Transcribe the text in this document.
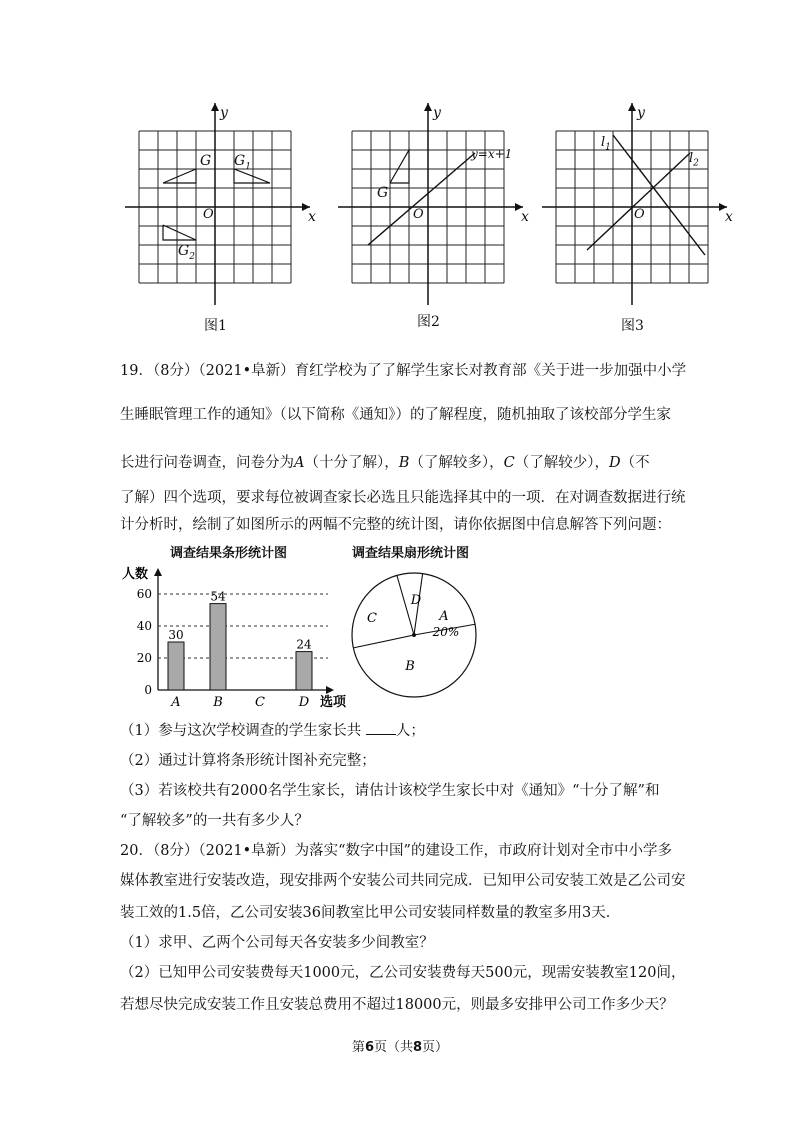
x
y
O
G $G_1$
$G_2$
图1
x
y
O
G
y=x+1
图2
x
y
O
$l_1$
$l_2$
图3
19．（8分）（2021•阜新）育红学校为了了解学生家长对教育部《关于进一步加强中小学
生睡眠管理工作的通知》（以下简称《通知》）的了解程度，随机抽取了该校部分学生家
长进行问卷调查，问卷分为A（十分了解），B（了解较多），C（了解较少），D（不
了解）四个选项，要求每位被调查家长必选且只能选择其中的一项．在对调查数据进行统
计分析时，绘制了如图所示的两幅不完整的统计图，请你依据图中信息解答下列问题：
调查结果条形统计图
人数
选项
0
20
40
60
30
A
54
B C
24
D
调查结果扇形统计图
A
20%
B
C
D
（1）参与这次学校调查的学生家长共 人；
（2）通过计算将条形统计图补充完整；
（3）若该校共有2000名学生家长，请估计该校学生家长中对《通知》“十分了解”和
“了解较多”的一共有多少人？
20．（8分）（2021•阜新）为落实“数字中国”的建设工作，市政府计划对全市中小学多
媒体教室进行安装改造，现安排两个安装公司共同完成．已知甲公司安装工效是乙公司安
装工效的1.5倍，乙公司安装36间教室比甲公司安装同样数量的教室多用3天．
（1）求甲、乙两个公司每天各安装多少间教室？
（2）已知甲公司安装费每天1000元，乙公司安装费每天500元，现需安装教室120间，
若想尽快完成安装工作且安装总费用不超过18000元，则最多安排甲公司工作多少天？
第6页（共8页）
